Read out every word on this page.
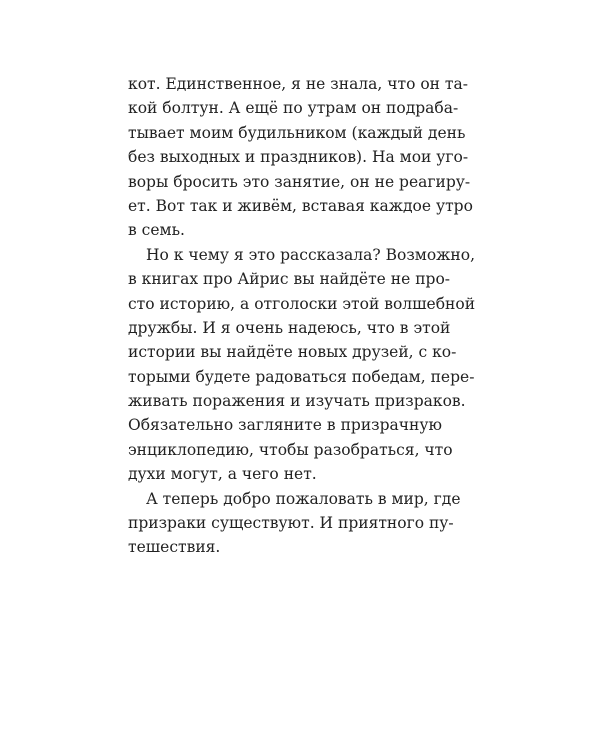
кот. Единственное, я не знала, что он та-
кой болтун. А ещё по утрам он подраба-
тывает моим будильником (каждый день
без выходных и праздников). На мои уго-
воры бросить это занятие, он не реагиру-
ет. Вот так и живём, вставая каждое утро
в семь.
Но к чему я это рассказала? Возможно,
в книгах про Айрис вы найдёте не про-
сто историю, а отголоски этой волшебной
дружбы. И я очень надеюсь, что в этой
истории вы найдёте новых друзей, с ко-
торыми будете радоваться победам, пере-
живать поражения и изучать призраков.
Обязательно загляните в призрачную
энциклопедию, чтобы разобраться, что
духи могут, а чего нет.
А теперь добро пожаловать в мир, где
призраки существуют. И приятного пу-
тешествия.
